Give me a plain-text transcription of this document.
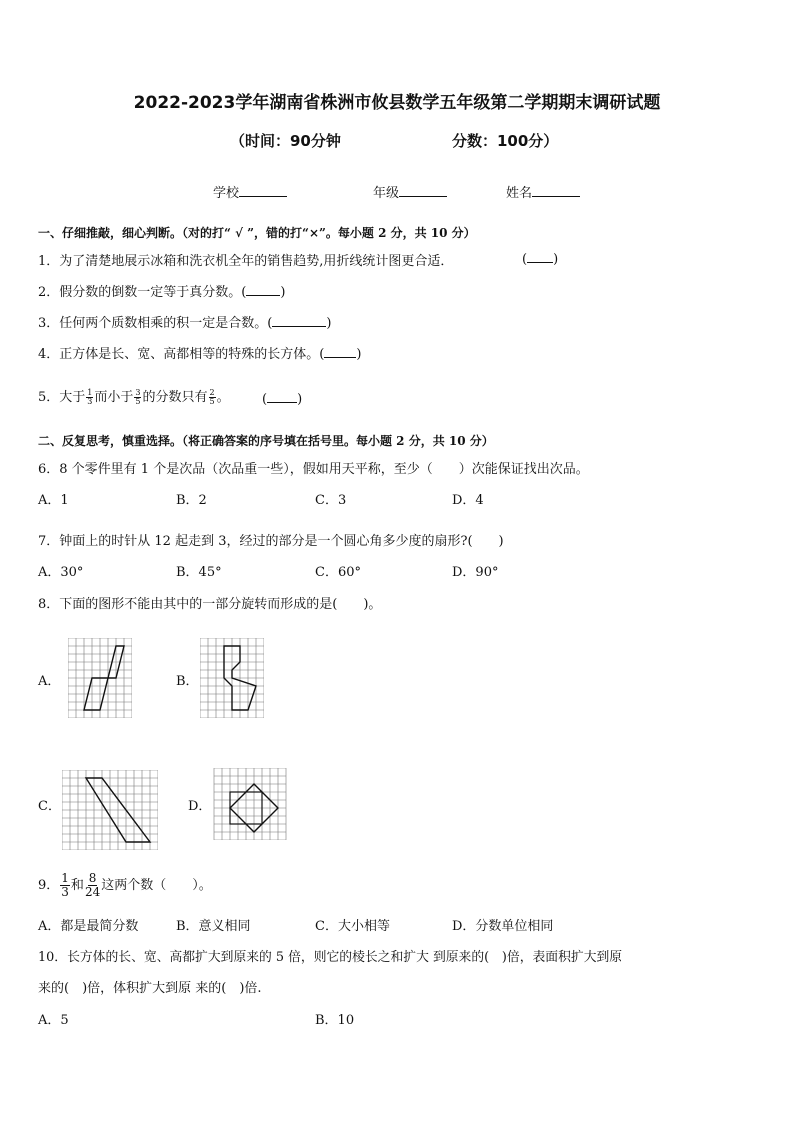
2022-2023学年湖南省株洲市攸县数学五年级第二学期期末调研试题
（时间：90分钟	分数：100分）
学校	年级	姓名
一、仔细推敲，细心判断。（对的打“ √ ”，错的打“×”。每小题 2 分，共 10 分）
1．为了清楚地展示冰箱和洗衣机全年的销售趋势,用折线统计图更合适．	( )
2．假分数的倒数一定等于真分数。(	)
3．任何两个质数相乘的积一定是合数。(	)
4．正方体是长、宽、高都相等的特殊的长方体。( )
5．大于 $\frac{1}{3}$ 而小于 $\frac{3}{5}$ 的分数只有 $\frac{2}{5}$ 。 ( )
二、反复思考，慎重选择。（将正确答案的序号填在括号里。每小题 2 分，共 10 分）
6．8 个零件里有 1 个是次品（次品重一些），假如用天平称，至少（　　）次能保证找出次品。
A．1	B．2	C．3	D．4
7．钟面上的时针从 12 起走到 3，经过的部分是一个圆心角多少度的扇形?(　　)
A．30°	B．45°	C．60°	D．90°
8．下面的图形不能由其中的一部分旋转而形成的是(　　)。
A．	B．
C．	D．
9． $\frac{1}{3}$ 和 $\frac{8}{24}$ 这两个数（　　）。
A．都是最简分数	B．意义相同	C．大小相等	D．分数单位相同
10．长方体的长、宽、高都扩大到原来的 5 倍，则它的棱长之和扩大 到原来的(　)倍，表面积扩大到原
来的(　)倍，体积扩大到原 来的(　)倍.
A．5	B．10
